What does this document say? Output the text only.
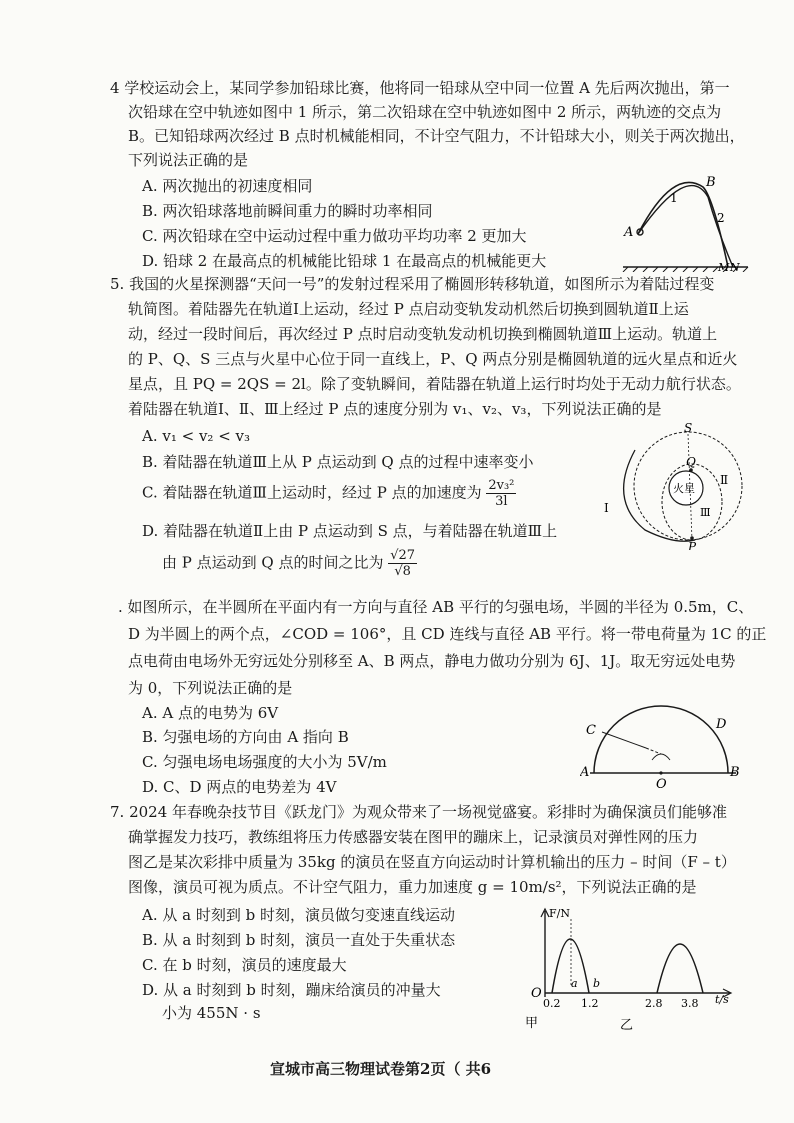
4 学校运动会上，某同学参加铅球比赛，他将同一铅球从空中同一位置 A 先后两次抛出，第一
次铅球在空中轨迹如图中 1 所示，第二次铅球在空中轨迹如图中 2 所示，两轨迹的交点为
B。已知铅球两次经过 B 点时机械能相同，不计空气阻力，不计铅球大小，则关于两次抛出，
下列说法正确的是
A. 两次抛出的初速度相同
B. 两次铅球落地前瞬间重力的瞬时功率相同
C. 两次铅球在空中运动过程中重力做功平均功率 2 更加大
D. 铅球 2 在最高点的机械能比铅球 1 在最高点的机械能更大
A
B
1
2
M N
5. 我国的火星探测器“天问一号”的发射过程采用了椭圆形转移轨道，如图所示为着陆过程变
轨简图。着陆器先在轨道Ⅰ上运动，经过 P 点启动变轨发动机然后切换到圆轨道Ⅱ上运
动，经过一段时间后，再次经过 P 点时启动变轨发动机切换到椭圆轨道Ⅲ上运动。轨道上
的 P、Q、S 三点与火星中心位于同一直线上，P、Q 两点分别是椭圆轨道的远火星点和近火
星点，且 PQ = 2QS = 2l。除了变轨瞬间，着陆器在轨道上运行时均处于无动力航行状态。
着陆器在轨道Ⅰ、Ⅱ、Ⅲ上经过 P 点的速度分别为 v₁、v₂、v₃，下列说法正确的是
A. v₁ < v₂ < v₃
B. 着陆器在轨道Ⅲ上从 P 点运动到 Q 点的过程中速率变小
C. 着陆器在轨道Ⅲ上运动时，经过 P 点的加速度为 $\frac{\text{2v₃²}}{3l}$
D. 着陆器在轨道Ⅱ上由 P 点运动到 S 点，与着陆器在轨道Ⅲ上
由 P 点运动到 Q 点的时间之比为 $\frac{√27}{√8}$
S
Q
火星
Ⅱ
Ⅲ
P
Ⅰ
. 如图所示，在半圆所在平面内有一方向与直径 AB 平行的匀强电场，半圆的半径为 0.5m，C、
D 为半圆上的两个点，∠COD = 106°，且 CD 连线与直径 AB 平行。将一带电荷量为 1C 的正
点电荷由电场外无穷远处分别移至 A、B 两点，静电力做功分别为 6J、1J。取无穷远处电势
为 0，下列说法正确的是
A. A 点的电势为 6V
B. 匀强电场的方向由 A 指向 B
C. 匀强电场电场强度的大小为 5V/m
D. C、D 两点的电势差为 4V
C	D
A
O
B
7. 2024 年春晚杂技节目《跃龙门》为观众带来了一场视觉盛宴。彩排时为确保演员们能够准
确掌握发力技巧，教练组将压力传感器安装在图甲的蹦床上，记录演员对弹性网的压力
图乙是某次彩排中质量为 35kg 的演员在竖直方向运动时计算机输出的压力 – 时间（F – t）
图像，演员可视为质点。不计空气阻力，重力加速度 g = 10m/s²，下列说法正确的是
A. 从 a 时刻到 b 时刻，演员做匀变速直线运动
B. 从 a 时刻到 b 时刻，演员一直处于失重状态
C. 在 b 时刻，演员的速度最大
D. 从 a 时刻到 b 时刻，蹦床给演员的冲量大
小为 455N · s
F/N
t/s
O
0.2 1.2	2.8 3.8
a b
甲	乙
宣城市高三物理试卷第2页（ 共6
